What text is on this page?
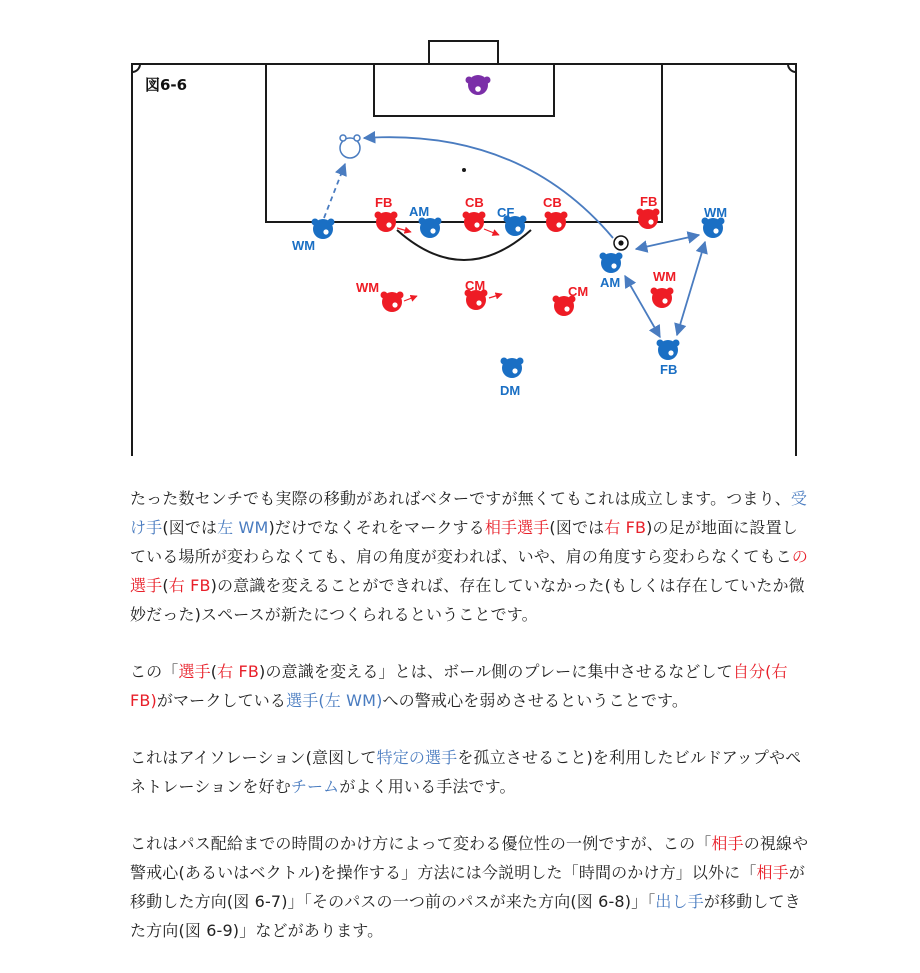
図6-6
WM
AM	CF
AM
WM
FB
DM
FB	CB	CB	FB
WM	CM	CM
WM

たった数センチでも実際の移動があればベターですが無くてもこれは成立します。つまり、受け手(図では左 WM)だけでなくそれをマークする相手選手(図では右 FB)の足が地面に設置している場所が変わらなくても、肩の角度が変われば、いや、肩の角度すら変わらなくてもこの選手(右 FB)の意識を変えることができれば、存在していなかった(もしくは存在していたか微妙だった)スペースが新たにつくられるということです。

この「選手(右 FB)の意識を変える」とは、ボール側のプレーに集中させるなどして自分(右 FB)がマークしている選手(左 WM)への警戒心を弱めさせるということです。

これはアイソレーション(意図して特定の選手を孤立させること)を利用したビルドアップやペネトレーションを好むチームがよく用いる手法です。

これはパス配給までの時間のかけ方によって変わる優位性の一例ですが、この「相手の視線や警戒心(あるいはベクトル)を操作する」方法には今説明した「時間のかけ方」以外に「相手が移動した方向(図 6-7)」「そのパスの一つ前のパスが来た方向(図 6-8)」「出し手が移動してきた方向(図 6-9)」などがあります。
